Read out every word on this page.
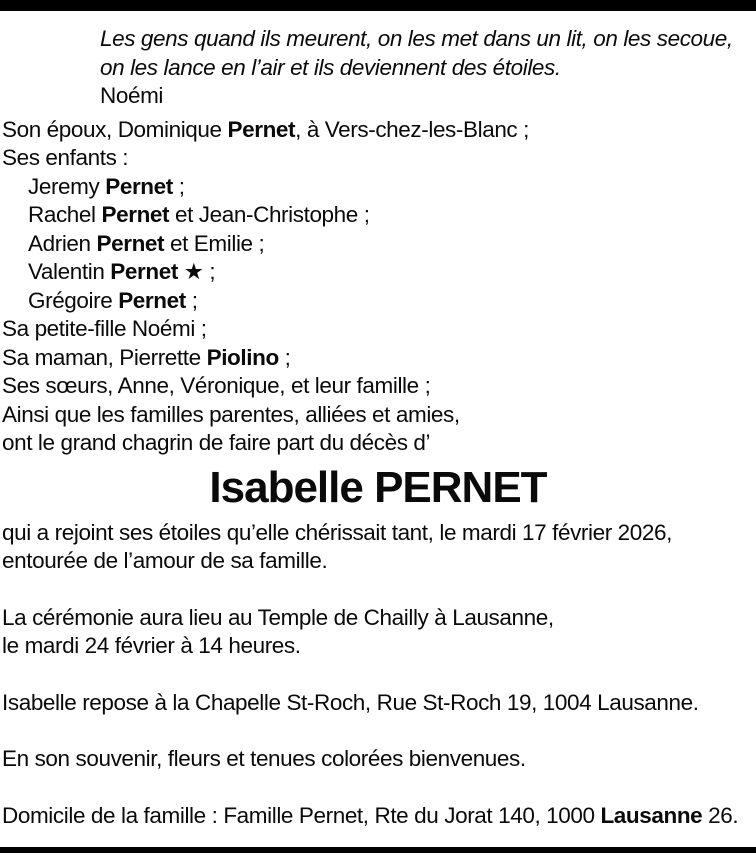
Les gens quand ils meurent, on les met dans un lit, on les secoue,
on les lance en l’air et ils deviennent des étoiles.
Noémi
Son époux, Dominique Pernet, à Vers-chez-les-Blanc ;
Ses enfants :
Jeremy Pernet ;
Rachel Pernet et Jean-Christophe ;
Adrien Pernet et Emilie ;
Valentin Pernet ★ ;
Grégoire Pernet ;
Sa petite-fille Noémi ;
Sa maman, Pierrette Piolino ;
Ses sœurs, Anne, Véronique, et leur famille ;
Ainsi que les familles parentes, alliées et amies,
ont le grand chagrin de faire part du décès d’
Isabelle PERNET
qui a rejoint ses étoiles qu’elle chérissait tant, le mardi 17 février 2026,
entourée de l’amour de sa famille.
La cérémonie aura lieu au Temple de Chailly à Lausanne,
le mardi 24 février à 14 heures.
Isabelle repose à la Chapelle St-Roch, Rue St-Roch 19, 1004 Lausanne.
En son souvenir, fleurs et tenues colorées bienvenues.
Domicile de la famille : Famille Pernet, Rte du Jorat 140, 1000 Lausanne 26.
